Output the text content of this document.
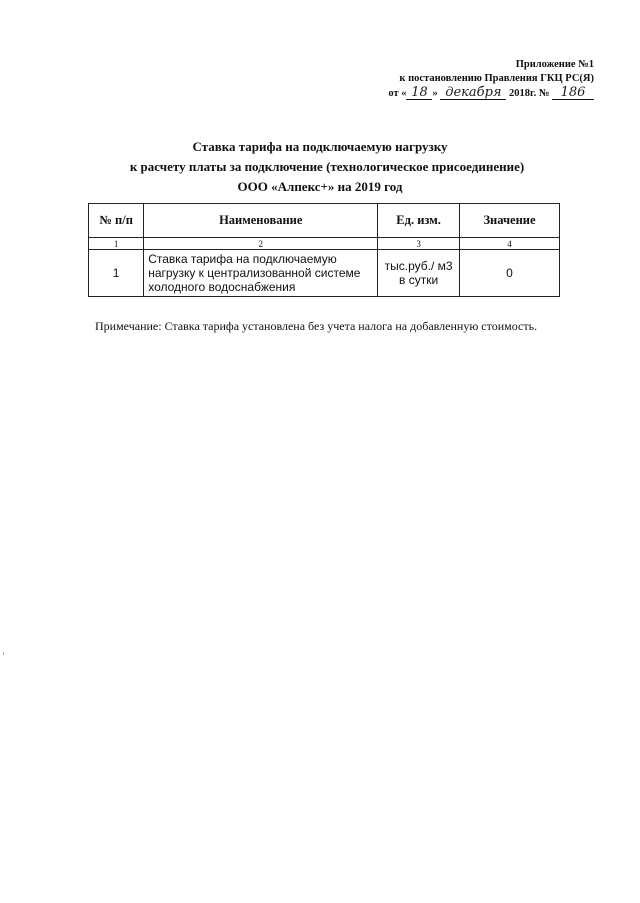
Приложение №1
к постановлению Правления ГКЦ РС(Я)
от « 18 » декабря 2018г. № 186
Ставка тарифа на подключаемую нагрузку
к расчету платы за подключение (технологическое присоединение)
ООО «Алпекс+» на 2019 год
№ п/п	Наименование	Ед. изм.	Значение
1	2	3	4
1	Ставка тарифа на подключаемую нагрузку к централизованной системе холодного водоснабжения	тыс.руб./ м3 в сутки	0
Примечание: Ставка тарифа установлена без учета налога на добавленную стоимость.
